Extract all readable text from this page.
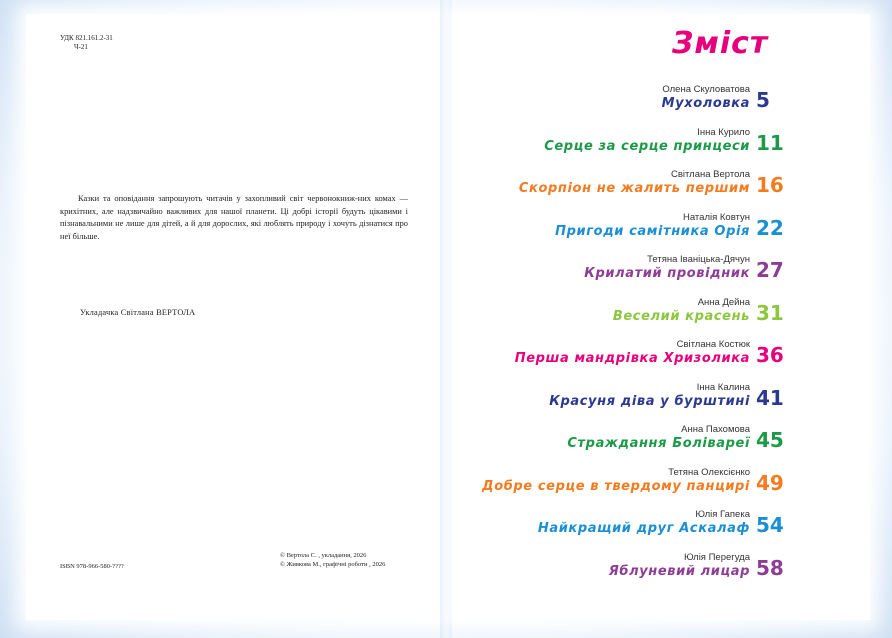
УДК 821.161.2-31
Ч-21
Казки та оповідання запрошують читачів у захопливий світ червонокниж-них комах — крихітних, але надзвичайно важливих для нашої планети. Ці добрі історії будуть цікавими і пізнавальними не лише для дітей, а й для дорослих, які люблять природу і хочуть дізнатися про неї більше.
Укладачка Світлана ВЕРТОЛА
ISBN 978-966-580-????
© Вертола С. , укладання, 2026
© Живкова М., графічні роботи , 2026
Зміст
Олена Скуловатова
Мухоловка 5
Інна Курило
Серце за серце принцеси 11
Світлана Вертола
Скорпіон не жалить першим 16
Наталія Ковтун
Пригоди самітника Орія 22
Тетяна Іваніцька-Дячун
Крилатий провідник 27
Анна Дейна
Веселий красень 31
Світлана Костюк
Перша мандрівка Хризолика 36
Інна Калина
Красуня діва у бурштині 41
Анна Пахомова
Страждання Болівареї 45
Тетяна Олексієнко
Добре серце в твердому панцирі 49
Юлія Гапека
Найкращий друг Аскалаф 54
Юлія Перегуда
Яблуневий лицар 58
